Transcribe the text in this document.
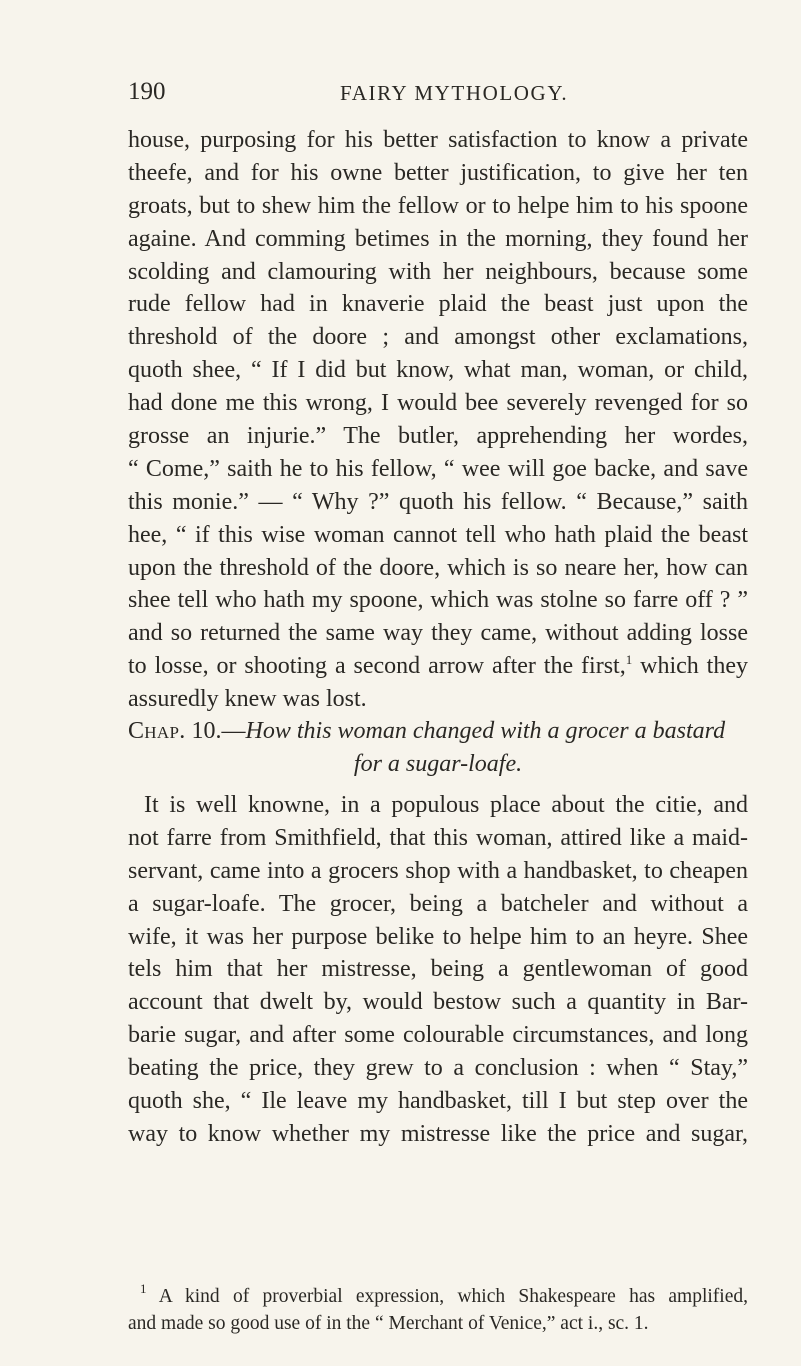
190	FAIRY MYTHOLOGY.
house, purposing for his better satisfaction to know a private
theefe, and for his owne better justification, to give her ten
groats, but to shew him the fellow or to helpe him to his spoone
againe. And comming betimes in the morning, they found her
scolding and clamouring with her neighbours, because some
rude fellow had in knaverie plaid the beast just upon the
threshold of the doore ; and amongst other exclamations,
quoth shee, “ If I did but know, what man, woman, or child,
had done me this wrong, I would bee severely revenged for so
grosse an injurie.” The butler, apprehending her wordes,
“ Come,” saith he to his fellow, “ wee will goe backe, and save
this monie.” — “ Why ?” quoth his fellow. “ Because,” saith
hee, “ if this wise woman cannot tell who hath plaid the beast
upon the threshold of the doore, which is so neare her, how can
shee tell who hath my spoone, which was stolne so farre off ? ”
and so returned the same way they came, without adding losse
to losse, or shooting a second arrow after the first,$^1$ which they
assuredly knew was lost.
Chap. 10.—How this woman changed with a grocer a bastard
for a sugar-loafe.
It is well knowne, in a populous place about the citie, and
not farre from Smithfield, that this woman, attired like a maid-
servant, came into a grocers shop with a handbasket, to cheapen
a sugar-loafe. The grocer, being a batcheler and without a
wife, it was her purpose belike to helpe him to an heyre. Shee
tels him that her mistresse, being a gentlewoman of good
account that dwelt by, would bestow such a quantity in Bar-
barie sugar, and after some colourable circumstances, and long
beating the price, they grew to a conclusion : when “ Stay,”
quoth she, “ Ile leave my handbasket, till I but step over the
way to know whether my mistresse like the price and sugar,
$^1$ A kind of proverbial expression, which Shakespeare has amplified,
and made so good use of in the “ Merchant of Venice,” act i., sc. 1.
